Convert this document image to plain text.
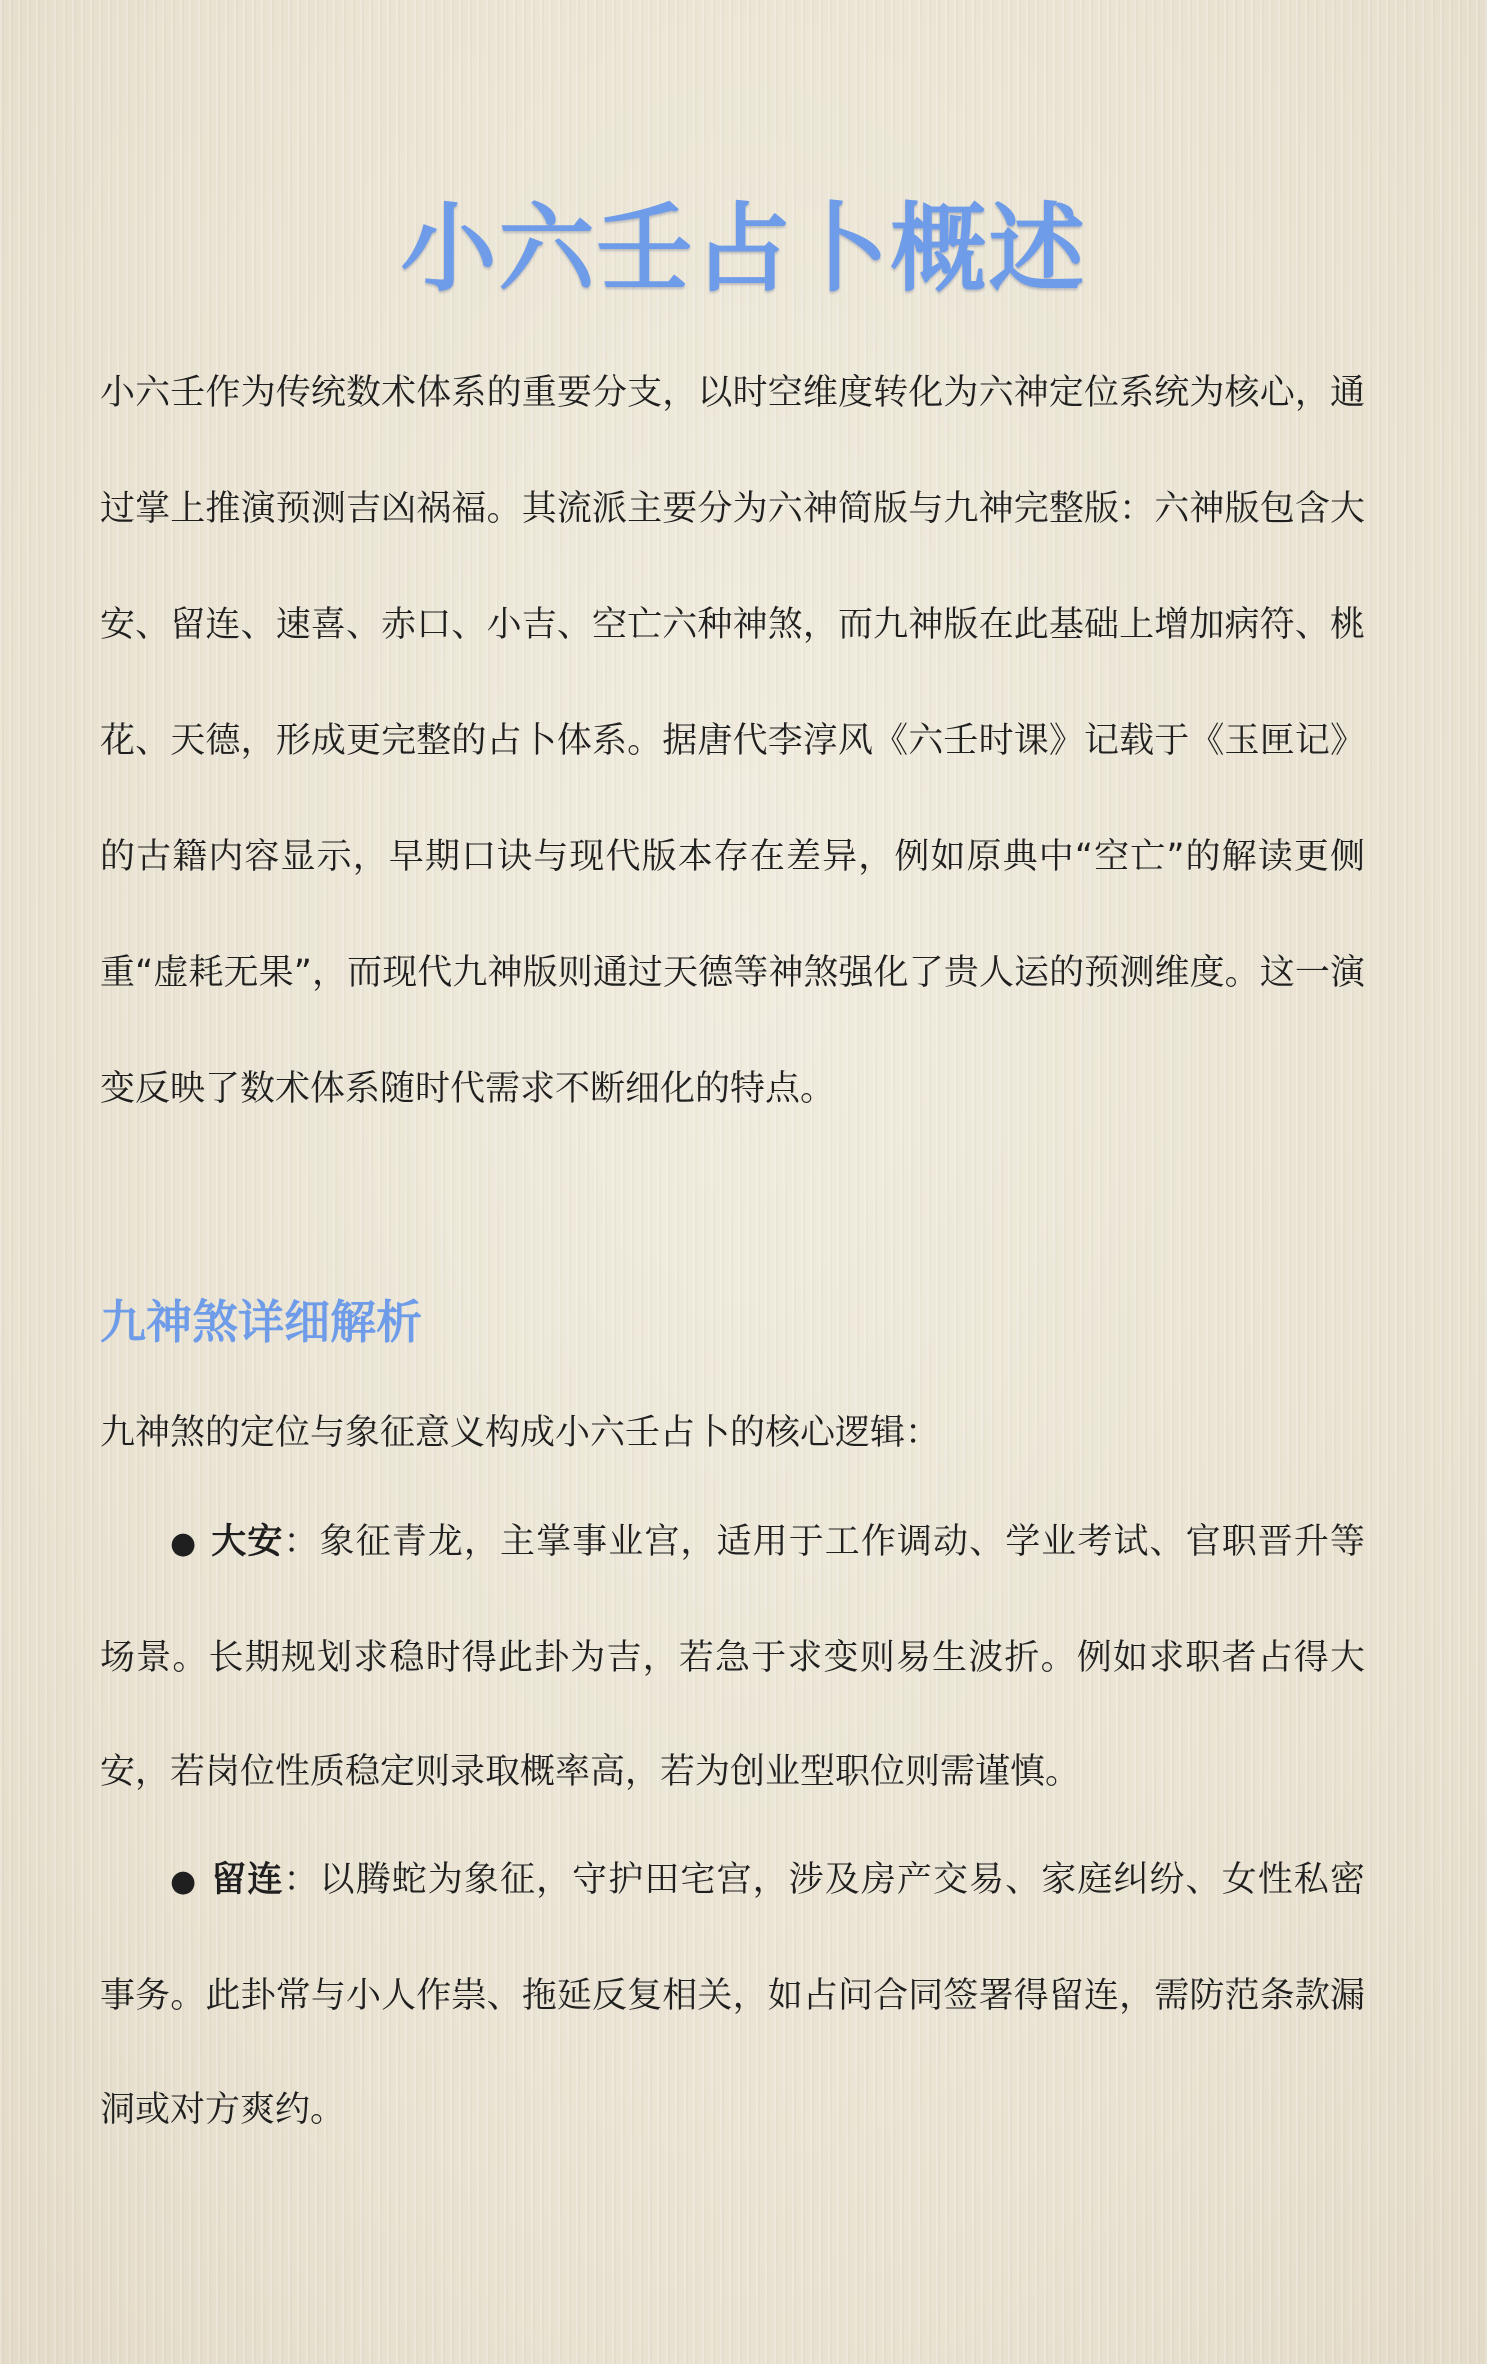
小六壬占卜概述

小六壬作为传统数术体系的重要分支，以时空维度转化为六神定位系统为核心，通过掌上推演预测吉凶祸福。其流派主要分为六神简版与九神完整版：六神版包含大安、留连、速喜、赤口、小吉、空亡六种神煞，而九神版在此基础上增加病符、桃花、天德，形成更完整的占卜体系。据唐代李淳风《六壬时课》记载于《玉匣记》的古籍内容显示，早期口诀与现代版本存在差异，例如原典中“空亡”的解读更侧重“虚耗无果”，而现代九神版则通过天德等神煞强化了贵人运的预测维度。这一演变反映了数术体系随时代需求不断细化的特点。

九神煞详细解析

九神煞的定位与象征意义构成小六壬占卜的核心逻辑：

● 大安：象征青龙，主掌事业宫，适用于工作调动、学业考试、官职晋升等场景。长期规划求稳时得此卦为吉，若急于求变则易生波折。例如求职者占得大安，若岗位性质稳定则录取概率高，若为创业型职位则需谨慎。

● 留连：以腾蛇为象征，守护田宅宫，涉及房产交易、家庭纠纷、女性私密事务。此卦常与小人作祟、拖延反复相关，如占问合同签署得留连，需防范条款漏洞或对方爽约。
